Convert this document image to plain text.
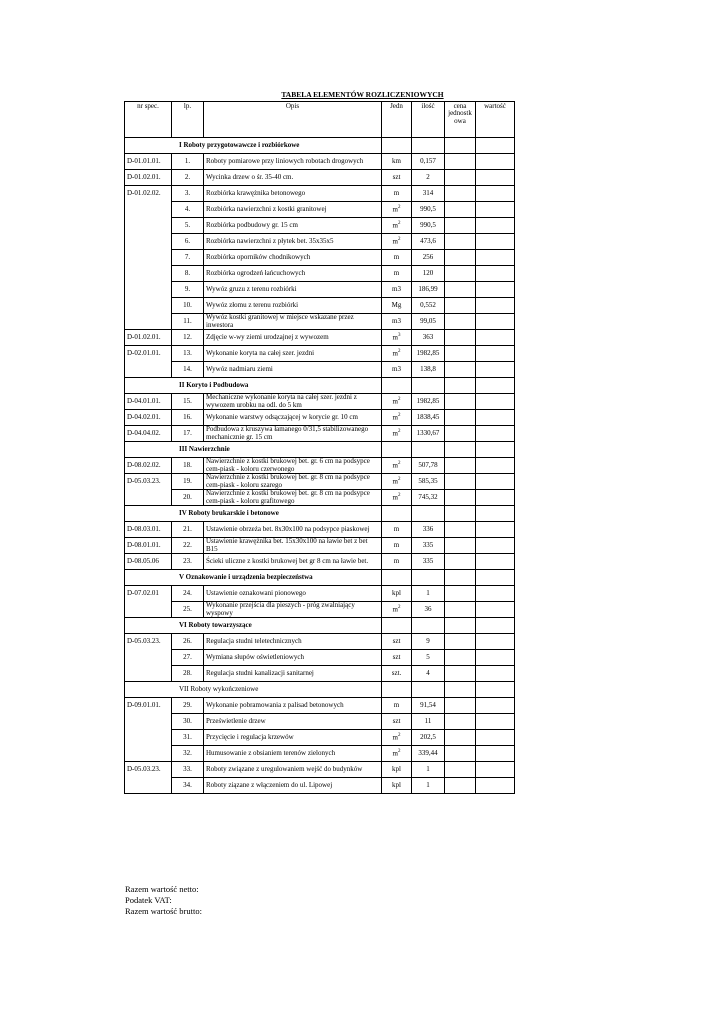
TABELA ELEMENTÓW ROZLICZENIOWYCH
nr spec.	lp.	Opis	Jedn	ilość	cena jednostk owa	wartość
I Roboty przygotowawcze i rozbiórkowe						
D-01.01.01.	1.	Roboty pomiarowe przy liniowych robotach drogowych	km	0,157		
D-01.02.01.	2.	Wycinka drzew o śr. 35-40 cm.	szt	2		
D-01.02.02.	3.	Rozbiórka krawężnika betonowego	m	314		
	4.	Rozbiórka nawierzchni z kostki granitowej	$m^2$	990,5		
	5.	Rozbiórka podbudowy gr. 15 cm	$m^2$	990,5		
	6.	Rozbiórka nawierzchni z płytek bet. 35x35x5	$m^2$	473,6		
	7.	Rozbiórka oporników chodnikowych	m	256		
	8.	Rozbiórka ogrodzeń łańcuchowych	m	120		
	9.	Wywóz gruzu z terenu rozbiórki	m3	186,99		
	10.	Wywóz złomu z terenu rozbiórki	Mg	0,552		
	11.	Wywóz kostki granitowej w miejsce wskazane przez inwestora	m3	99,05		
D-01.02.01.	12.	Zdjęcie w-wy ziemi urodzajnej z wywozem	$m^3$	363		
D-02.01.01.	13.	Wykonanie koryta na całej szer. jezdni	$m^2$	1982,85		
	14.	Wywóz nadmiaru ziemi	m3	138,8		
II Koryto i Podbudowa						
D-04.01.01.	15.	Mechaniczne wykonanie koryta na całej szer. jezdni z wywozem urobku na odl. do 5 km	$m^2$	1982,85		
D-04.02.01.	16.	Wykonanie warstwy odsączającej w korycie gr. 10 cm	$m^2$	1838,45		
D-04.04.02.	17.	Podbudowa z kruszywa łamanego 0/31,5 stabilizowanego mechanicznie gr. 15 cm	$m^2$	1330,67		
III Nawierzchnie						
D-08.02.02.	18.	Nawierzchnie z kostki brukowej bet. gr. 6 cm na podsypce cem-piask - koloru czerwonego	$m^2$	507,78		
D-05.03.23.	19.	Nawierzchnie z kostki brukowej bet. gr. 8 cm na podsypce cem-piask - koloru szarego	$m^2$	585,35		
	20.	Nawierzchnie z kostki brukowej bet. gr. 8 cm na podsypce cem-piask - koloru grafitowego	$m^2$	745,32		
IV Roboty brukarskie i betonowe						
D-08.03.01.	21.	Ustawienie obrzeża bet. 8x30x100 na podsypce piaskowej	m	336		
D-08.01.01.	22.	Ustawienie krawężnika bet. 15x30x100 na ławie bet z bet B15	m	335		
D-08.05.06	23.	Ścieki uliczne z kostki brukowej bet gr 8 cm na ławie bet.	m	335		
V Oznakowanie i urządzenia bezpieczeństwa						
D-07.02.01	24.	Ustawienie oznakowani pionowego	kpl	1		
	25.	Wykonanie przejścia dla pieszych - próg zwalniający wyspowy	$m^2$	36		
VI Roboty towarzyszące						
D-05.03.23.	26.	Regulacja studni teletechnicznych	szt	9		
	27.	Wymiana słupów oświetleniowych	szt	5		
	28.	Regulacja studni kanalizacji sanitarnej	szt.	4		
VII Roboty wykończeniowe						
D-09.01.01.	29.	Wykonanie pobramowania z palisad betonowych	m	91,54		
	30.	Prześwietlenie drzew	szt	11		
	31.	Przycięcie i regulacja krzewów	$m^2$	202,5		
	32.	Humusowanie z obsianiem terenów zielonych	$m^2$	339,44		
D-05.03.23.	33.	Roboty związane z uregulowaniem wejść do budynków	kpl	1		
	34.	Roboty ziązane z włączeniem do ul. Lipowej	kpl	1		
Razem wartość netto:
Podatek VAT:
Razem wartość brutto:
